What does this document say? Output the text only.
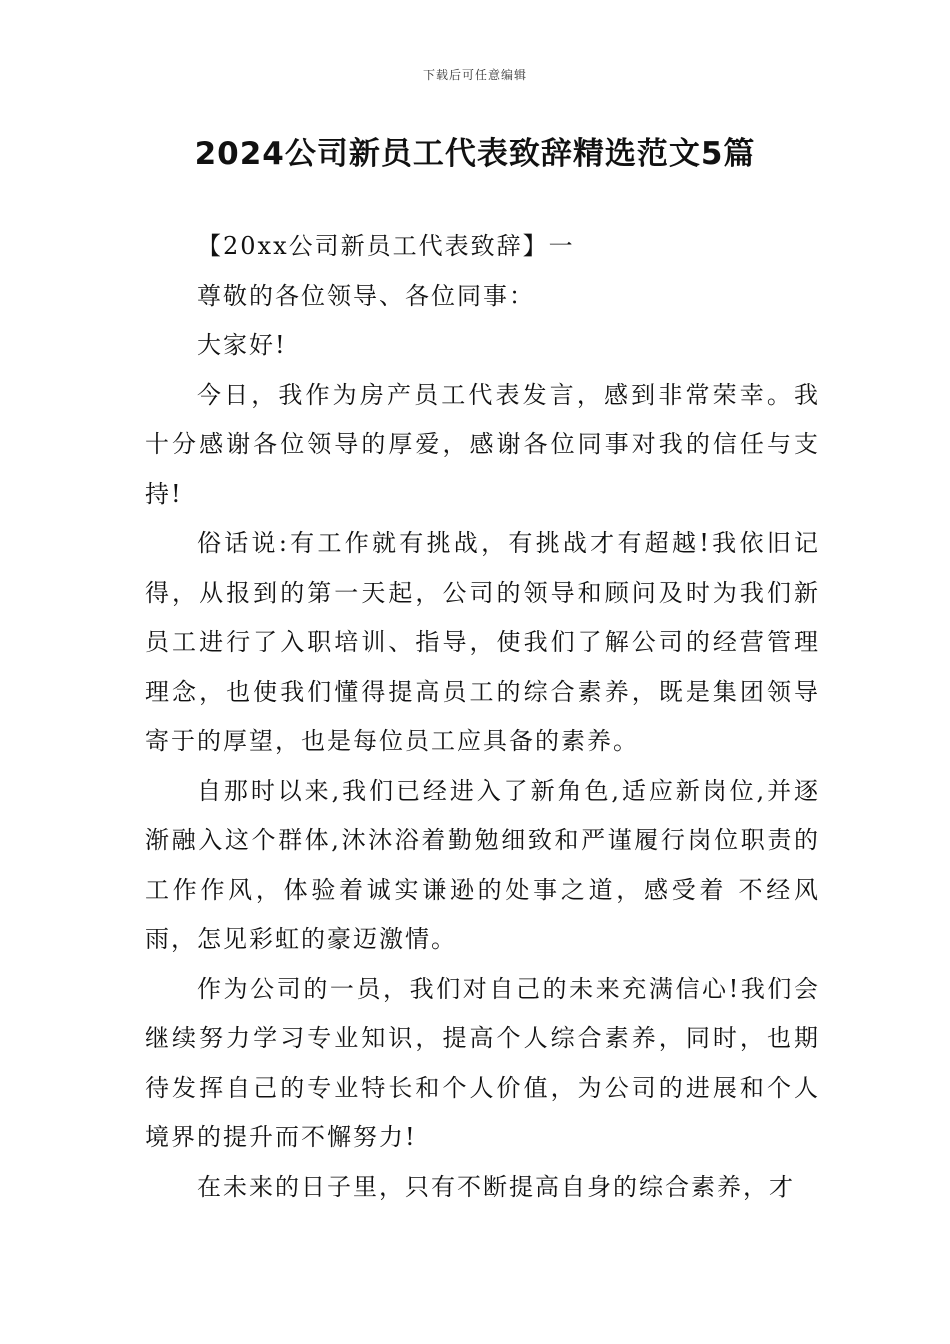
下载后可任意编辑
2024公司新员工代表致辞精选范文5篇

【20xx公司新员工代表致辞】一

尊敬的各位领导、各位同事：

大家好!

今日，我作为房产员工代表发言，感到非常荣幸。我十分感谢各位领导的厚爱，感谢各位同事对我的信任与支持!

俗话说:有工作就有挑战，有挑战才有超越!我依旧记得，从报到的第一天起，公司的领导和顾问及时为我们新员工进行了入职培训、指导，使我们了解公司的经营管理理念，也使我们懂得提高员工的综合素养，既是集团领导寄于的厚望，也是每位员工应具备的素养。

自那时以来,我们已经进入了新角色,适应新岗位,并逐渐融入这个群体,沐沐浴着勤勉细致和严谨履行岗位职责的工作作风，体验着诚实谦逊的处事之道，感受着 不经风雨，怎见彩虹的豪迈激情。

作为公司的一员，我们对自己的未来充满信心!我们会继续努力学习专业知识，提高个人综合素养，同时，也期待发挥自己的专业特长和个人价值，为公司的进展和个人境界的提升而不懈努力!

在未来的日子里，只有不断提高自身的综合素养，才
